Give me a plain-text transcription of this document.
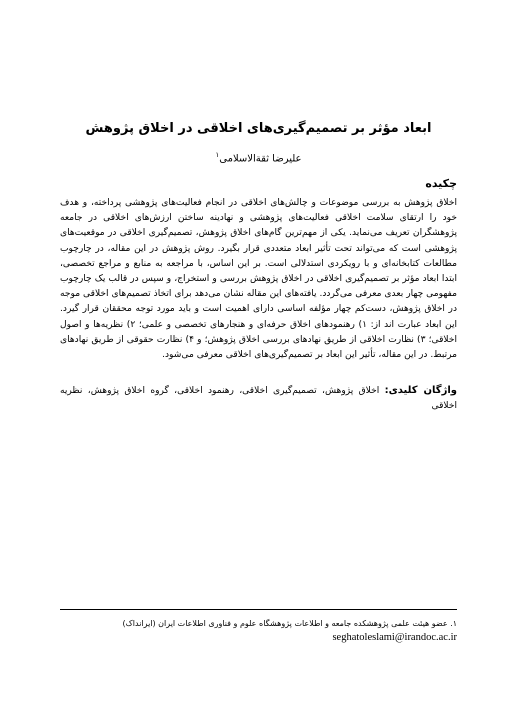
ابعاد مؤثر بر تصمیم‌گیری‌های اخلاقی در اخلاق پژوهش
علیرضا ثقة‌الاسلامی$^۱$
چکیده
اخلاق پژوهش به بررسی موضوعات و چالش‌های اخلاقی در انجام فعالیت‌های پژوهشی پرداخته، و هدف خود را ارتقای سلامت اخلاقی فعالیت‌های پژوهشی و نهادینه ساختن ارزش‌های اخلاقی در جامعه پژوهشگران تعریف می‌نماید. یکی از مهم‌ترین گام‌های اخلاق پژوهش، تصمیم‌گیری اخلاقی در موقعیت‌های پژوهشی است که می‌تواند تحت تأثیر ابعاد متعددی قرار بگیرد. روش پژوهش در این مقاله، در چارچوب مطالعات کتابخانه‌ای و با رویکردی استدلالی است. بر این اساس، با مراجعه به منابع و مراجع تخصصی، ابتدا ابعاد مؤثر بر تصمیم‌گیری اخلاقی در اخلاق پژوهش بررسی و استخراج، و سپس در قالب یک چارچوب مفهومی چهار بعدی معرفی می‌گردد. یافته‌های این مقاله نشان می‌دهد برای اتخاذ تصمیم‌های اخلاقی موجه در اخلاق پژوهش، دست‌کم چهار مؤلفه اساسی دارای اهمیت است و باید مورد توجه محققان قرار گیرد. این ابعاد عبارت اند از: ۱) رهنمودهای اخلاق حرفه‌ای و هنجارهای تخصصی و علمی؛ ۲) نظریه‌ها و اصول اخلاقی؛ ۳) نظارت اخلاقی از طریق نهادهای بررسی اخلاق پژوهش؛ و ۴) نظارت حقوقی از طریق نهادهای مرتبط. در این مقاله، تأثیر این ابعاد بر تصمیم‌گیری‌های اخلاقی معرفی می‌شود.
واژگان کلیدی: اخلاق پژوهش، تصمیم‌گیری اخلاقی، رهنمود اخلاقی، گروه اخلاق پژوهش، نظریه اخلاقی
۱. عضو هیئت علمی پژوهشکده جامعه و اطلاعات پژوهشگاه علوم و فناوری اطلاعات ایران (ایرانداک)
seghatoleslami@irandoc.ac.ir
